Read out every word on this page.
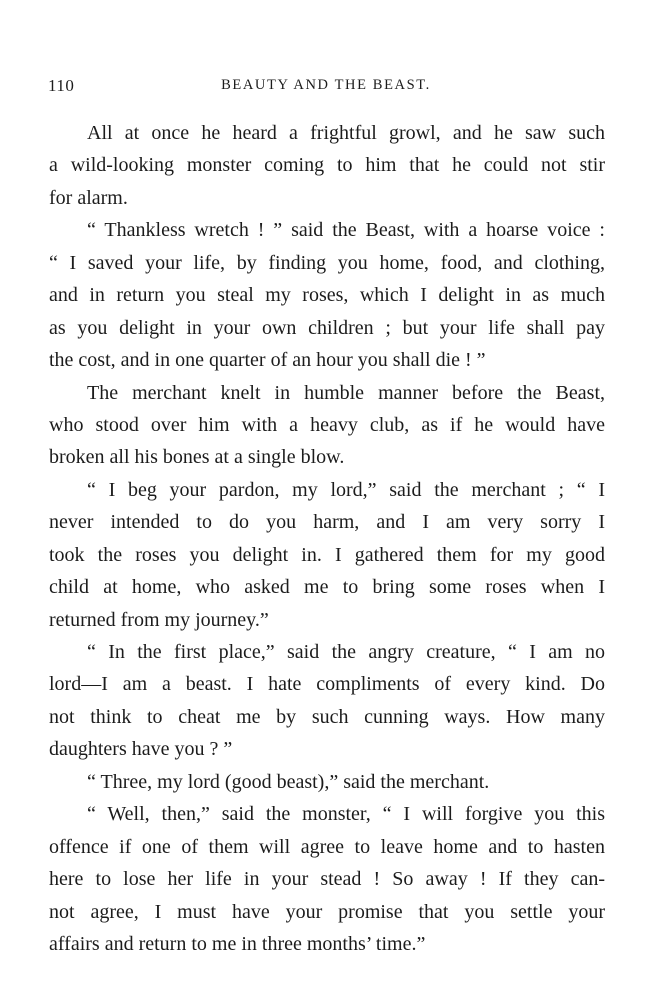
110	BEAUTY AND THE BEAST.
All at once he heard a frightful growl, and he saw such
a wild-looking monster coming to him that he could not stir
for alarm.
“ Thankless wretch ! ” said the Beast, with a hoarse voice :
“ I saved your life, by finding you home, food, and clothing,
and in return you steal my roses, which I delight in as much
as you delight in your own children ; but your life shall pay
the cost, and in one quarter of an hour you shall die ! ”
The merchant knelt in humble manner before the Beast,
who stood over him with a heavy club, as if he would have
broken all his bones at a single blow.
“ I beg your pardon, my lord,” said the merchant ; “ I
never intended to do you harm, and I am very sorry I
took the roses you delight in. I gathered them for my good
child at home, who asked me to bring some roses when I
returned from my journey.”
“ In the first place,” said the angry creature, “ I am no
lord—I am a beast. I hate compliments of every kind. Do
not think to cheat me by such cunning ways. How many
daughters have you ? ”
“ Three, my lord (good beast),” said the merchant.
“ Well, then,” said the monster, “ I will forgive you this
offence if one of them will agree to leave home and to hasten
here to lose her life in your stead ! So away ! If they can-
not agree, I must have your promise that you settle your
affairs and return to me in three months’ time.”
